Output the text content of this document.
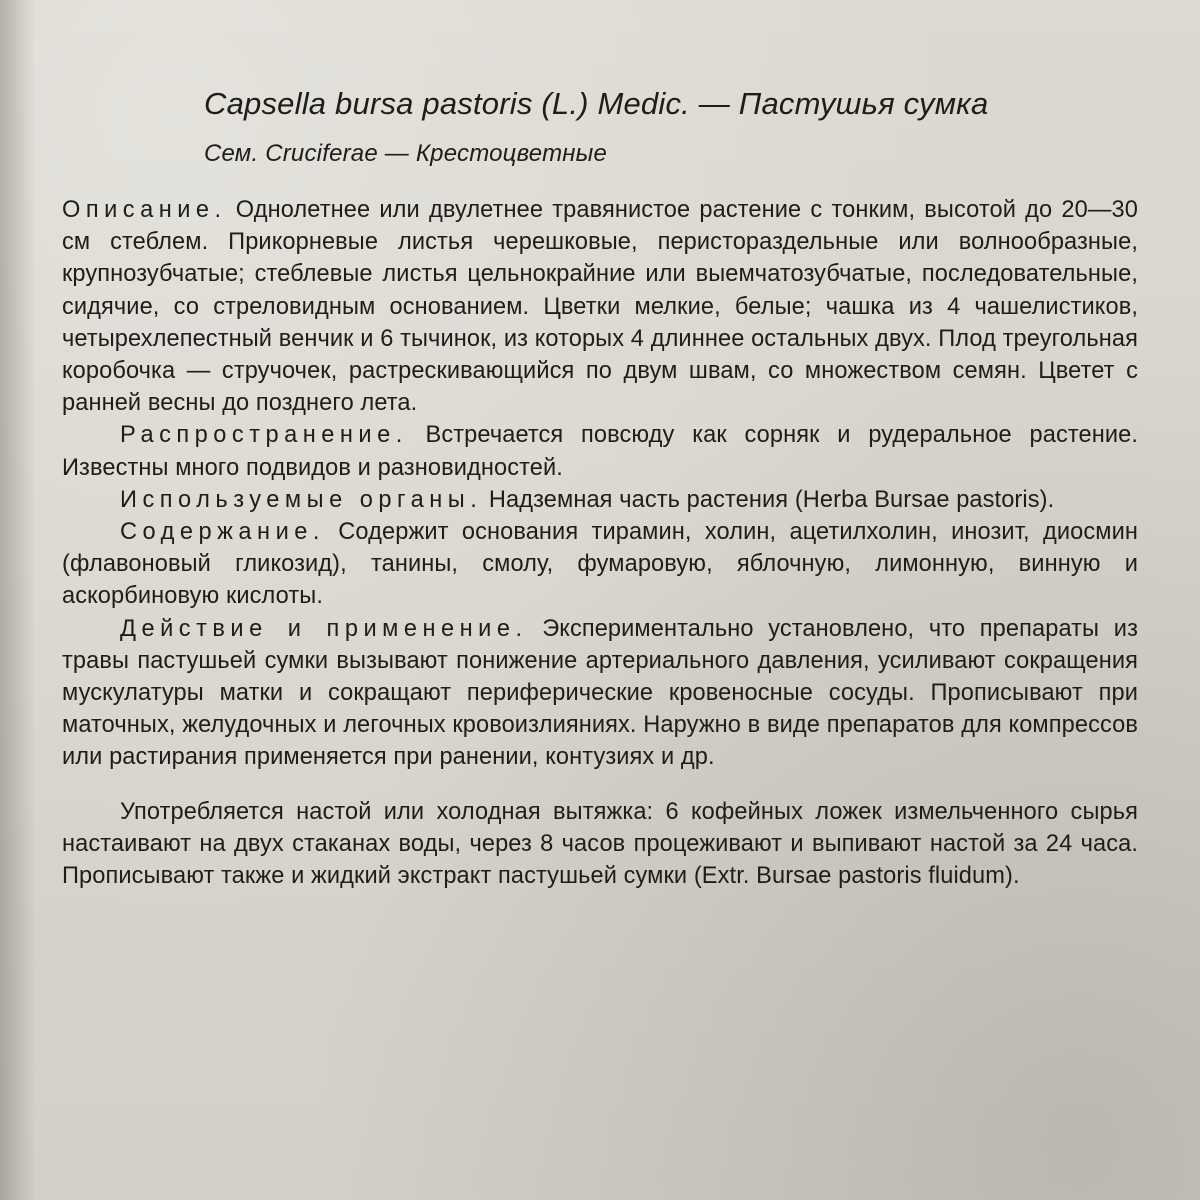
Capsella bursa pastoris (L.) Medic. — Пастушья сумка

Сем. Cruciferae — Крестоцветные

Описание. Однолетнее или двулетнее травянистое растение с тонким, высотой до 20—30 см стеблем. Прикорневые листья черешковые, перистораздельные или волнообразные, крупнозубчатые; стеблевые листья цельнокрайние или выемчатозубчатые, последовательные, сидячие, со стреловидным основанием. Цветки мелкие, белые; чашка из 4 чашелистиков, четырехлепестный венчик и 6 тычинок, из которых 4 длиннее остальных двух. Плод треугольная коробочка — стручочек, растрескивающийся по двум швам, со множеством семян. Цветет с ранней весны до позднего лета.

Распространение. Встречается повсюду как сорняк и рудеральное растение. Известны много подвидов и разновидностей.

Используемые органы. Надземная часть растения (Herba Bursae pastoris).

Содержание. Содержит основания тирамин, холин, ацетилхолин, инозит, диосмин (флавоновый гликозид), танины, смолу, фумаровую, яблочную, лимонную, винную и аскорбиновую кислоты.

Действие и применение. Экспериментально установлено, что препараты из травы пастушьей сумки вызывают понижение артериального давления, усиливают сокращения мускулатуры матки и сокращают периферические кровеносные сосуды. Прописывают при маточных, желудочных и легочных кровоизлияниях. Наружно в виде препаратов для компрессов или растирания применяется при ранении, контузиях и др.

Употребляется настой или холодная вытяжка: 6 кофейных ложек измельченного сырья настаивают на двух стаканах воды, через 8 часов процеживают и выпивают настой за 24 часа. Прописывают также и жидкий экстракт пастушьей сумки (Extr. Bursae pastoris fluidum).
